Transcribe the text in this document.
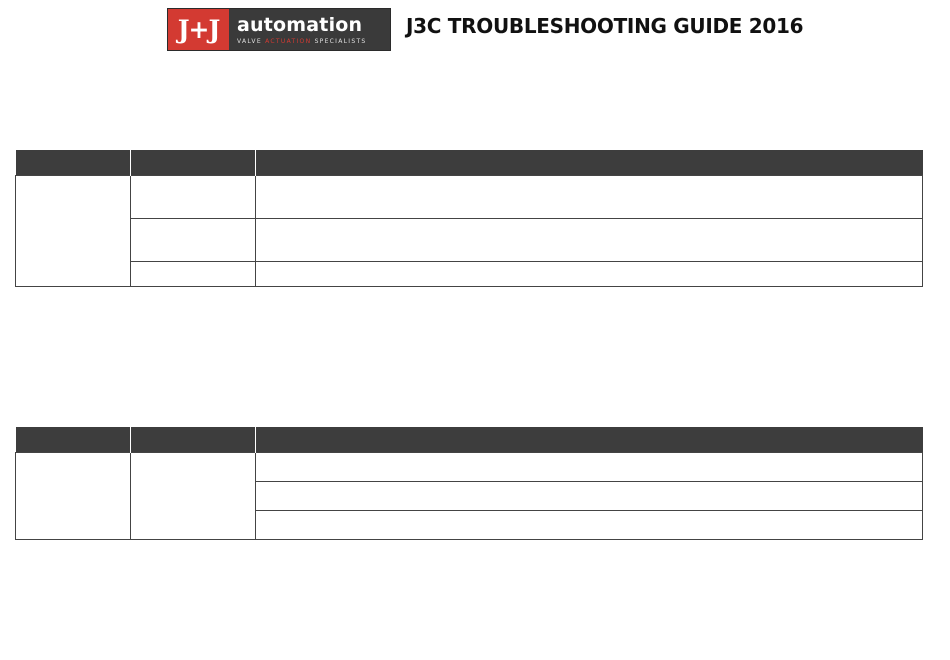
J+J automation
VALVE ACTUATION SPECIALISTS
J3C TROUBLESHOOTING GUIDE 2016
